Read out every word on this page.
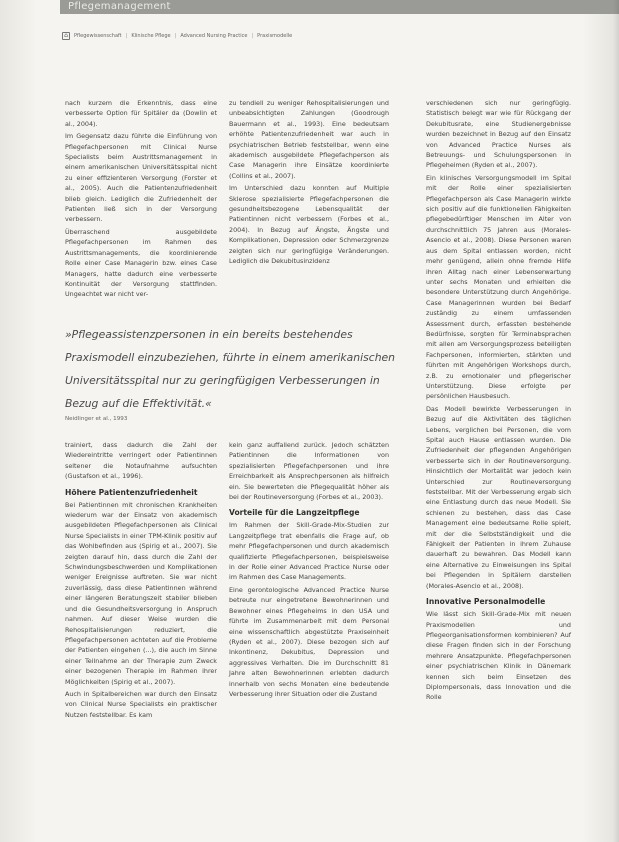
Pflegemanagement
⌂	Pflegewissenschaft | Klinische Pflege | Advanced Nursing Practice | Praxismodelle

nach kurzem die Erkenntnis, dass eine verbesserte Option für Spitäler da (Dowlin et al., 2004).

Im Gegensatz dazu führte die Einführung von Pflegefachpersonen mit Clinical Nurse Specialists beim Austrittsmanagement in einem amerikanischen Universitätsspital nicht zu einer effizienteren Versorgung (Forster et al., 2005). Auch die Patientenzufriedenheit blieb gleich. Lediglich die Zufriedenheit der Patienten ließ sich in der Versorgung verbessern.

Überraschend ausgebildete Pflegefachpersonen im Rahmen des Austrittsmanagements, die koordinierende Rolle einer Case Managerin bzw. eines Case Managers, hatte dadurch eine verbesserte Kontinuität der Versorgung stattfinden. Ungeachtet war nicht ver-

zu tendiell zu weniger Rehospitalisierungen und unbeabsichtigten Zahlungen (Goodrough Bauermann et al., 1993). Eine bedeutsam erhöhte Patientenzufriedenheit war auch in psychiatrischen Betrieb feststellbar, wenn eine akademisch ausgebildete Pflegefachperson als Case Managerin ihre Einsätze koordinierte (Collins et al., 2007).

Im Unterschied dazu konnten auf Multiple Sklerose spezialisierte Pflegefachpersonen die gesundheitsbezogene Lebensqualität der Patientinnen nicht verbessern (Forbes et al., 2004). In Bezug auf Ängste, Ängste und Komplikationen, Depression oder Schmerzgrenze zeigten sich nur geringfügige Veränderungen. Lediglich die Dekubitusinzidenz

verschiedenen sich nur geringfügig. Statistisch belegt war wie für Rückgang der Dekubitusrate, eine Studienergebnisse wurden bezeichnet in Bezug auf den Einsatz von Advanced Practice Nurses als Betreuungs- und Schulungspersonen in Pflegeheimen (Ryden et al., 2007).

Ein klinisches Versorgungsmodell im Spital mit der Rolle einer spezialisierten Pflegefachperson als Case Managerin wirkte sich positiv auf die funktionellen Fähigkeiten pflegebedürftiger Menschen im Alter von durchschnittlich 75 Jahren aus (Morales-Asencio et al., 2008). Diese Personen waren aus dem Spital entlassen worden, nicht mehr genügend, allein ohne fremde Hilfe ihren Alltag nach einer Lebenserwartung unter sechs Monaten und erhielten die besondere Unterstützung durch Angehörige. Case Managerinnen wurden bei Bedarf zuständig zu einem umfassenden Assessment durch, erfassten bestehende Bedürfnisse, sorgten für Terminabsprachen mit allen am Versorgungsprozess beteiligten Fachpersonen, informierten, stärkten und führten mit Angehörigen Workshops durch, z.B. zu emotionaler und pflegerischer Unterstützung. Diese erfolgte per persönlichen Hausbesuch.

Das Modell bewirkte Verbesserungen in Bezug auf die Aktivitäten des täglichen Lebens, verglichen bei Personen, die vom Spital auch Hause entlassen wurden. Die Zufriedenheit der pflegenden Angehörigen verbesserte sich in der Routineversorgung. Hinsichtlich der Mortalität war jedoch kein Unterschied zur Routineversorgung feststellbar. Mit der Verbesserung ergab sich eine Entlastung durch das neue Modell. Sie schienen zu bestehen, dass das Case Management eine bedeutsame Rolle spielt, mit der die Selbstständigkeit und die Fähigkeit der Patienten in ihrem Zuhause dauerhaft zu bewahren. Das Modell kann eine Alternative zu Einweisungen ins Spital bei Pflegenden in Spitälern darstellen (Morales-Asencio et al., 2008).

Innovative Personalmodelle

Wie lässt sich Skill-Grade-Mix mit neuen Praxismodellen und Pflegeorganisationsformen kombinieren? Auf diese Fragen finden sich in der Forschung mehrere Ansatzpunkte. Pflegefachpersonen einer psychiatrischen Klinik in Dänemark kennen sich beim Einsetzen des Diplompersonals, dass Innovation und die Rolle

»Pflegeassistenzpersonen in ein bereits bestehendes Praxismodell einzubeziehen, führte in einem amerikanischen Universitätsspital nur zu geringfügigen Verbesserungen in Bezug auf die Effektivität.«
Neidlinger et al., 1993

trainiert, dass dadurch die Zahl der Wiedereintritte verringert oder Patientinnen seltener die Notaufnahme aufsuchten (Gustafson et al., 1996).

Höhere Patientenzufriedenheit

Bei Patientinnen mit chronischen Krankheiten wiederum war der Einsatz von akademisch ausgebildeten Pflegefachpersonen als Clinical Nurse Specialists in einer TPM-Klinik positiv auf das Wohlbefinden aus (Spirig et al., 2007). Sie zeigten darauf hin, dass durch die Zahl der Schwindungsbeschwerden und Komplikationen weniger Ereignisse auftreten. Sie war nicht zuverlässig, dass diese Patientinnen während einer längeren Beratungszeit stabiler blieben und die Gesundheitsversorgung in Anspruch nahmen. Auf dieser Weise wurden die Rehospitalisierungen reduziert, die Pflegefachpersonen achteten auf die Probleme der Patienten eingehen (...), die auch im Sinne einer Teilnahme an der Therapie zum Zweck einer bezogenen Therapie im Rahmen ihrer Möglichkeiten (Spirig et al., 2007).

Auch in Spitalbereichen war durch den Einsatz von Clinical Nurse Specialists ein praktischer Nutzen feststellbar. Es kam

kein ganz auffallend zurück. Jedoch schätzten Patientinnen die Informationen von spezialisierten Pflegefachpersonen und ihre Erreichbarkeit als Ansprechpersonen als hilfreich ein. Sie bewerteten die Pflegequalität höher als bei der Routineversorgung (Forbes et al., 2003).

Vorteile für die Langzeitpflege

Im Rahmen der Skill-Grade-Mix-Studien zur Langzeitpflege trat ebenfalls die Frage auf, ob mehr Pflegefachpersonen und durch akademisch qualifizierte Pflegefachpersonen, beispielsweise in der Rolle einer Advanced Practice Nurse oder im Rahmen des Case Managements.

Eine gerontologische Advanced Practice Nurse betreute nur eingetretene Bewohnerinnen und Bewohner eines Pflegeheims in den USA und führte im Zusammenarbeit mit dem Personal eine wissenschaftlich abgestützte Praxiseinheit (Ryden et al., 2007). Diese bezogen sich auf Inkontinenz, Dekubitus, Depression und aggressives Verhalten. Die im Durchschnitt 81 Jahre alten Bewohnerinnen erlebten dadurch innerhalb von sechs Monaten eine bedeutende Verbesserung ihrer Situation oder die Zustand
